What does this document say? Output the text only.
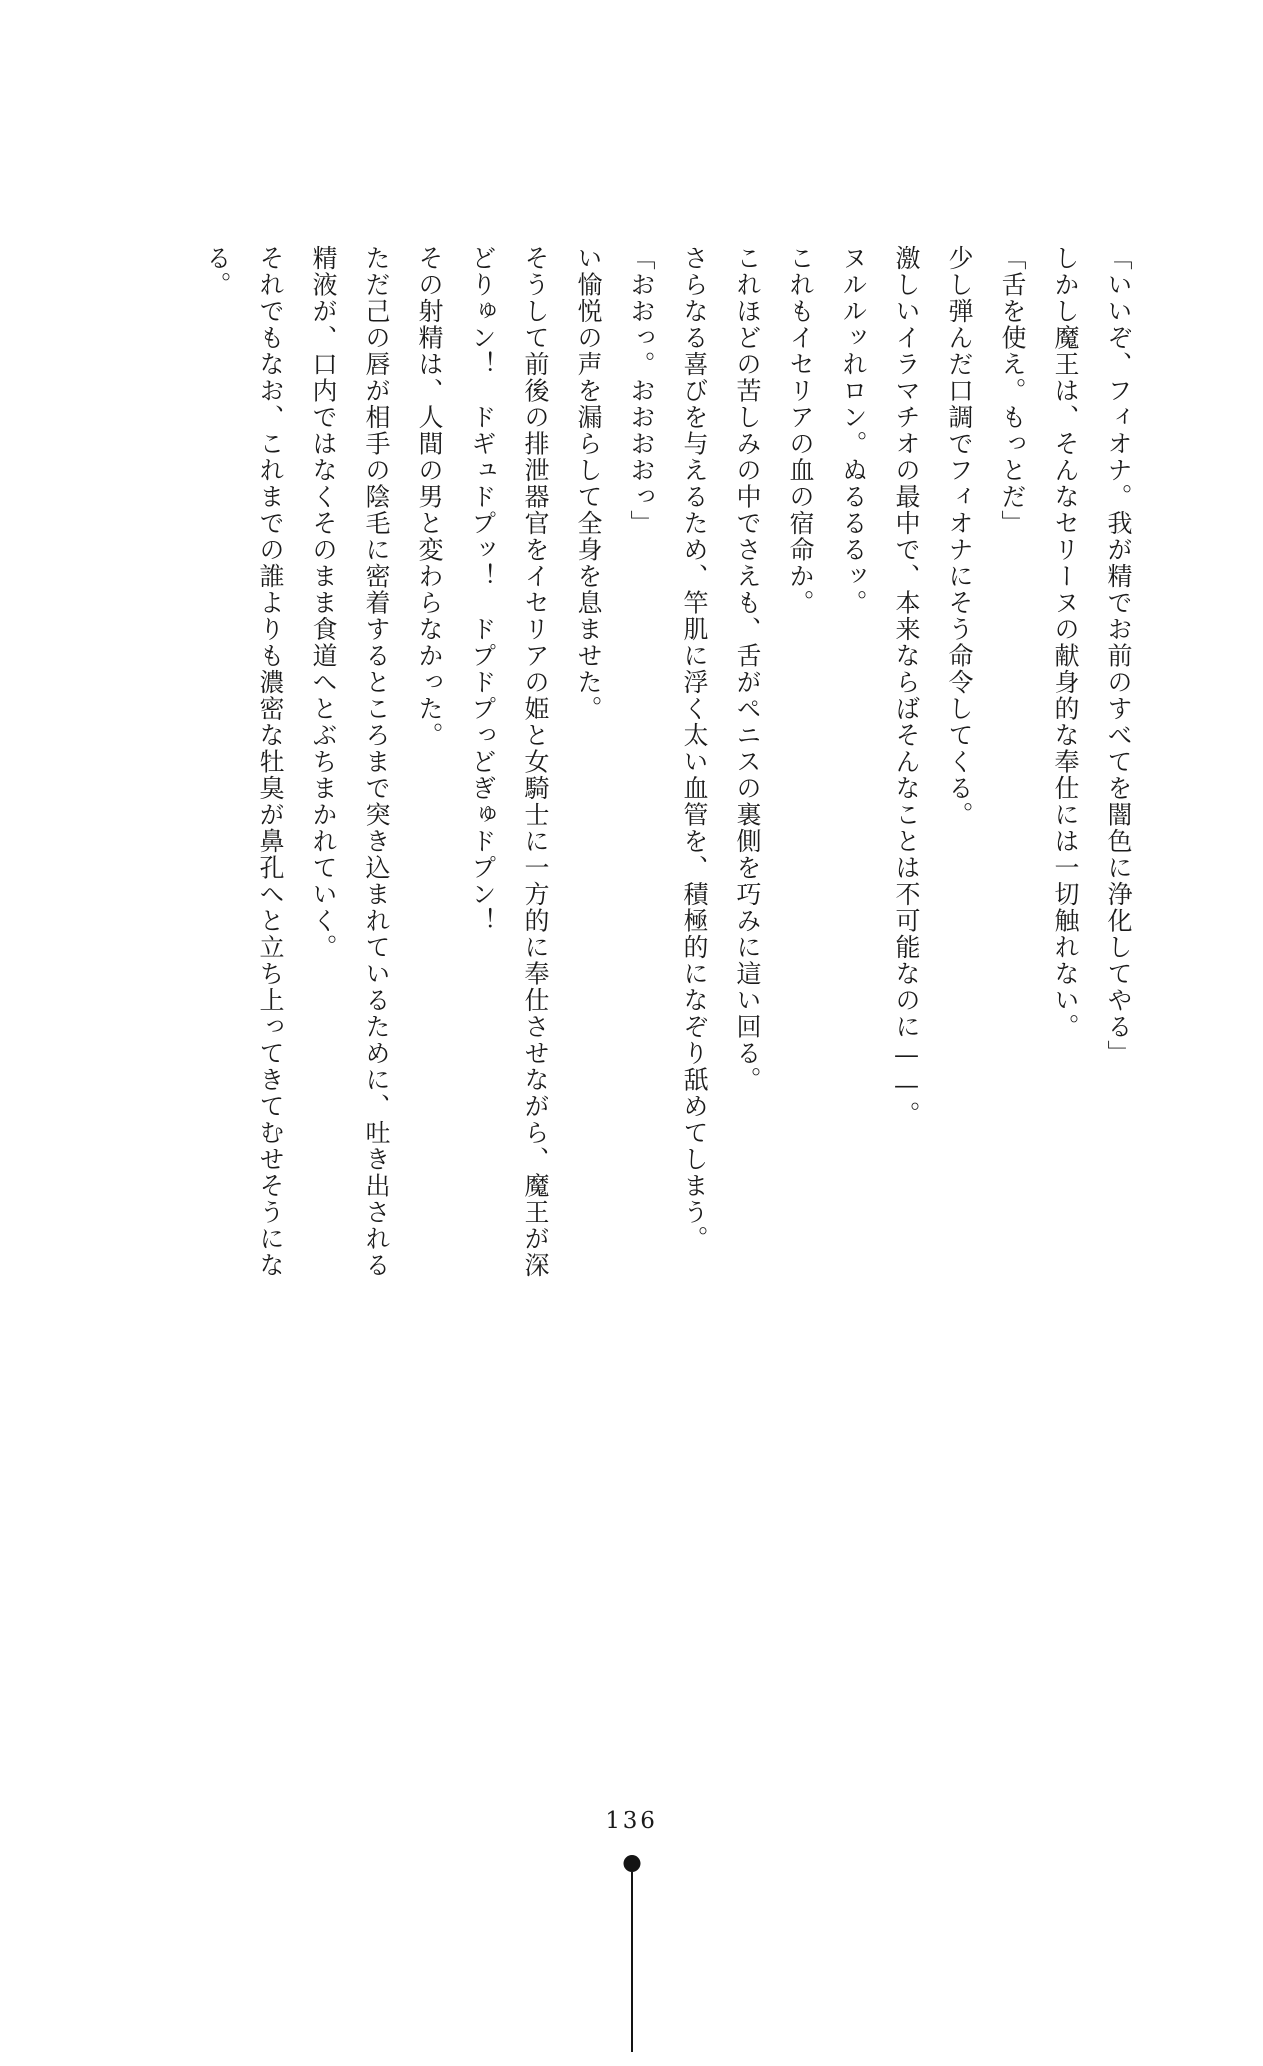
「いいぞ、フィオナ。我が精でお前のすべてを闇色に浄化してやる」

しかし魔王は、そんなセリーヌの献身的な奉仕には一切触れない。

「舌を使え。もっとだ」

少し弾んだ口調でフィオナにそう命令してくる。

激しいイラマチオの最中で、本来ならばそんなことは不可能なのに——。

ヌルルッれロン。ぬるるるッ。

これもイセリアの血の宿命か。

これほどの苦しみの中でさえも、舌がペニスの裏側を巧みに這い回る。

さらなる喜びを与えるため、竿肌に浮く太い血管を、積極的になぞり舐めてしまう。

「おおっ。おおおおっ」

い愉悦の声を漏らして全身を息ませた。

そうして前後の排泄器官をイセリアの姫と女騎士に一方的に奉仕させながら、魔王が深

どりゅン！　ドギュドプッ！　ドプドプっどぎゅドプン！

その射精は、人間の男と変わらなかった。

ただ己の唇が相手の陰毛に密着するところまで突き込まれているために、吐き出される

精液が、口内ではなくそのまま食道へとぶちまかれていく。

それでもなお、これまでの誰よりも濃密な牡臭が鼻孔へと立ち上ってきてむせそうにな

る。

136
